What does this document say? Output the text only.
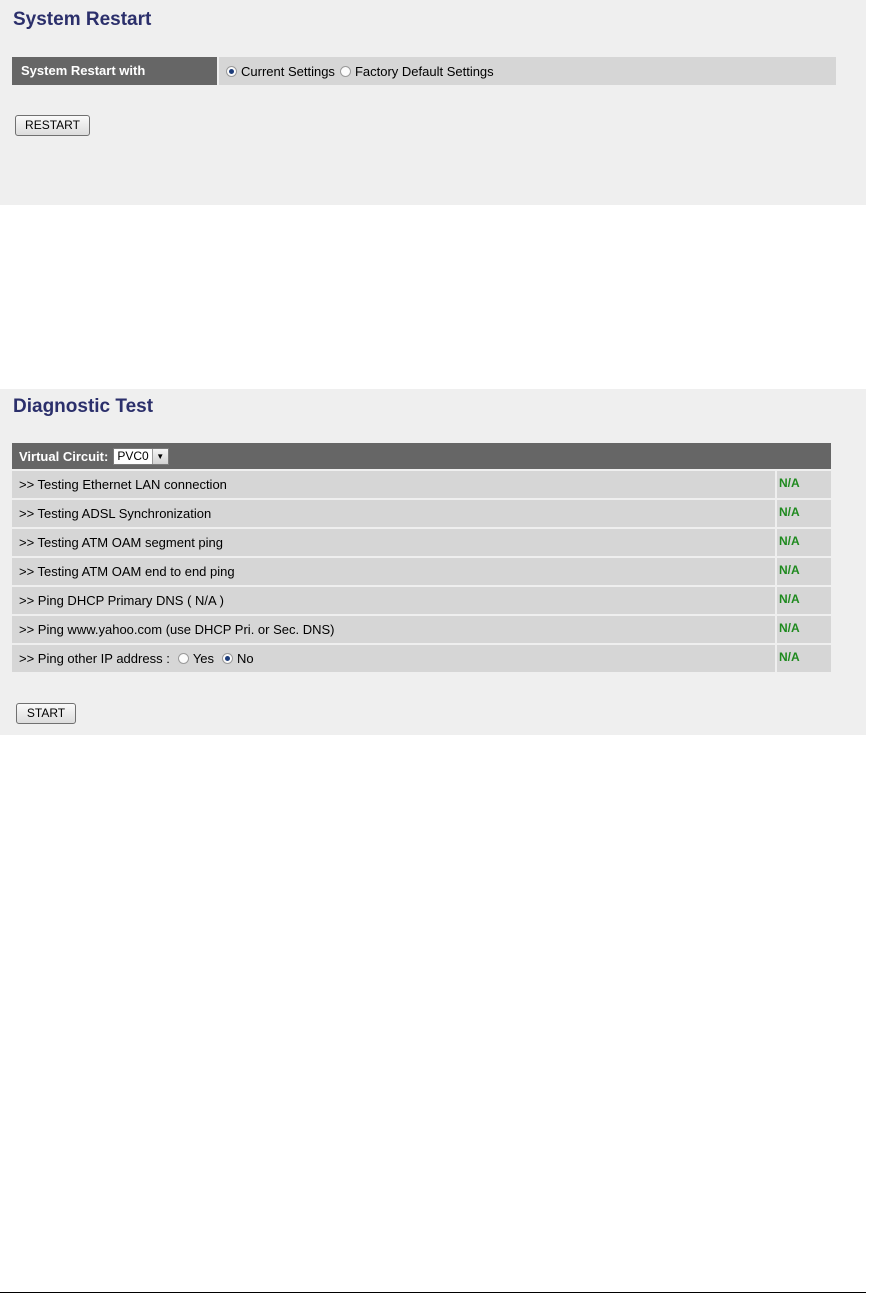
System Restart
System Restart with	Current Settings Factory Default Settings
RESTART
Diagnostic Test
Virtual Circuit: PVC0 ▼
>> Testing Ethernet LAN connection	N/A
>> Testing ADSL Synchronization	N/A
>> Testing ATM OAM segment ping	N/A
>> Testing ATM OAM end to end ping	N/A
>> Ping DHCP Primary DNS ( N/A )	N/A
>> Ping www.yahoo.com (use DHCP Pri. or Sec. DNS)	N/A
>> Ping other IP address : Yes No	N/A
START
